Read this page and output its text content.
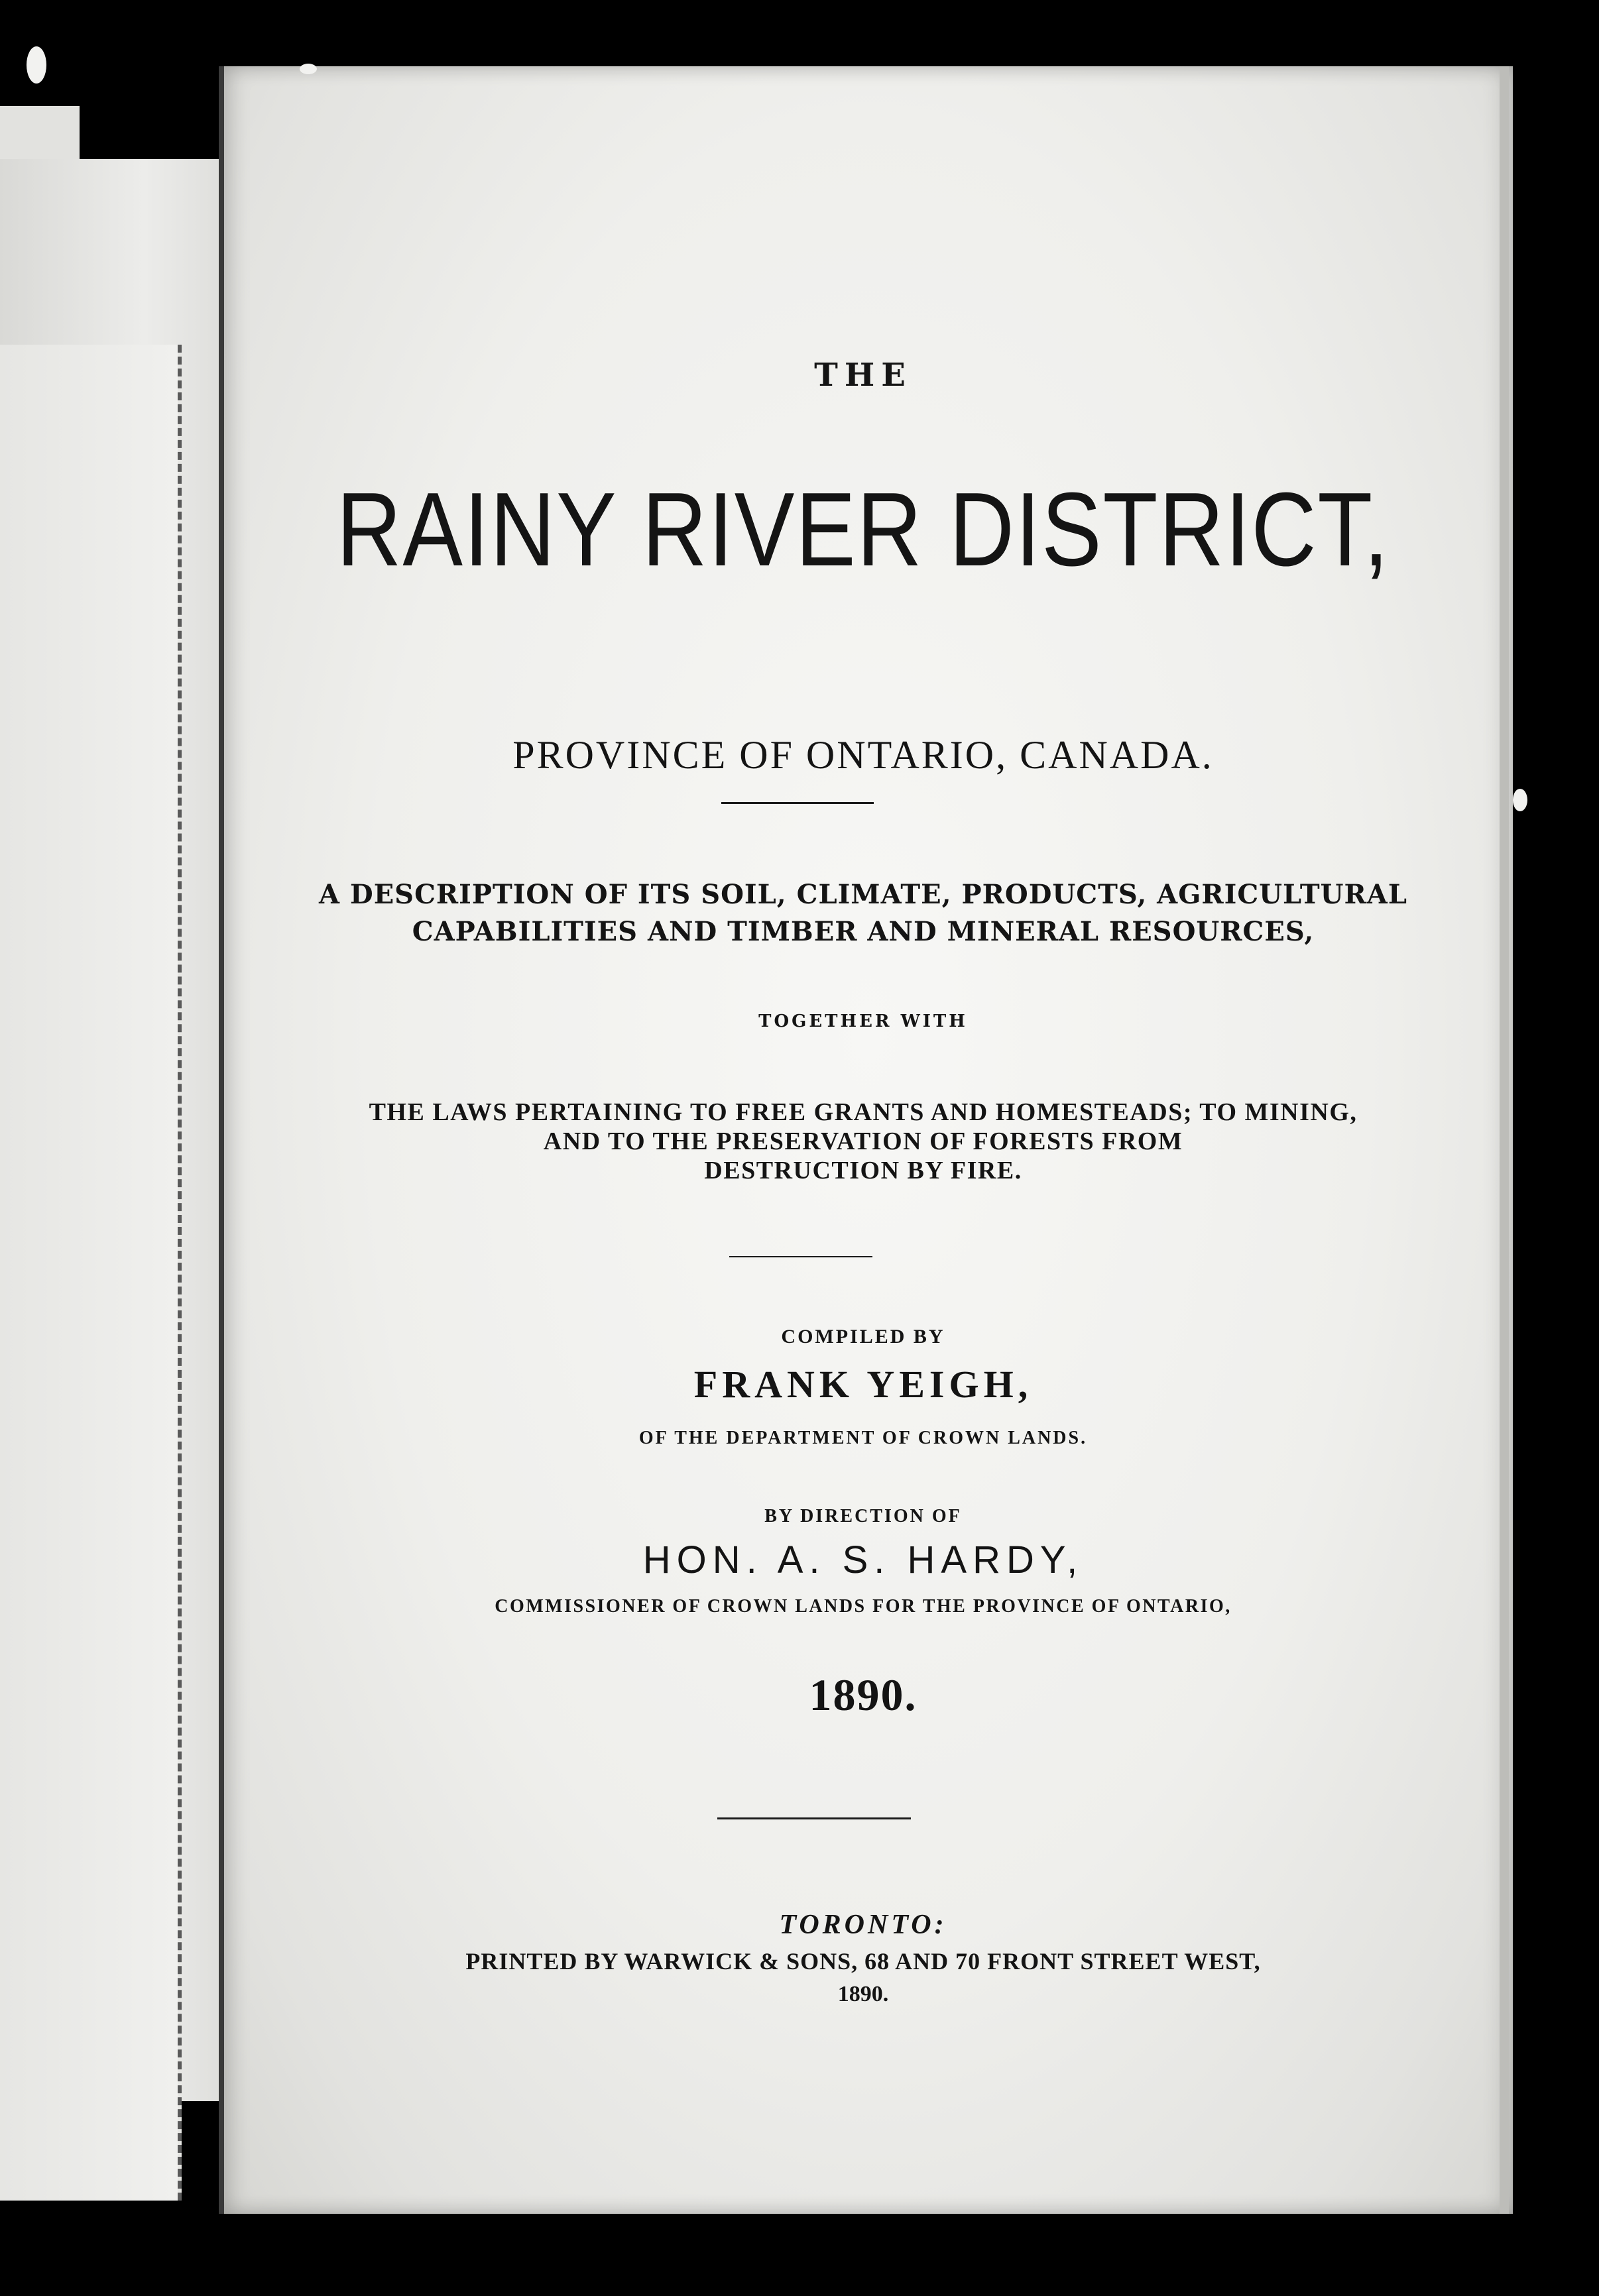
THE

RAINY RIVER DISTRICT,

PROVINCE OF ONTARIO, CANADA.

A DESCRIPTION OF ITS SOIL, CLIMATE, PRODUCTS, AGRICULTURAL
CAPABILITIES AND TIMBER AND MINERAL RESOURCES,

TOGETHER WITH

THE LAWS PERTAINING TO FREE GRANTS AND HOMESTEADS; TO MINING,
AND TO THE PRESERVATION OF FORESTS FROM
DESTRUCTION BY FIRE.

COMPILED BY

FRANK YEIGH,

OF THE DEPARTMENT OF CROWN LANDS.

BY DIRECTION OF

HON. A. S. HARDY,

COMMISSIONER OF CROWN LANDS FOR THE PROVINCE OF ONTARIO,

1890.

TORONTO:

PRINTED BY WARWICK & SONS, 68 AND 70 FRONT STREET WEST,

1890.
